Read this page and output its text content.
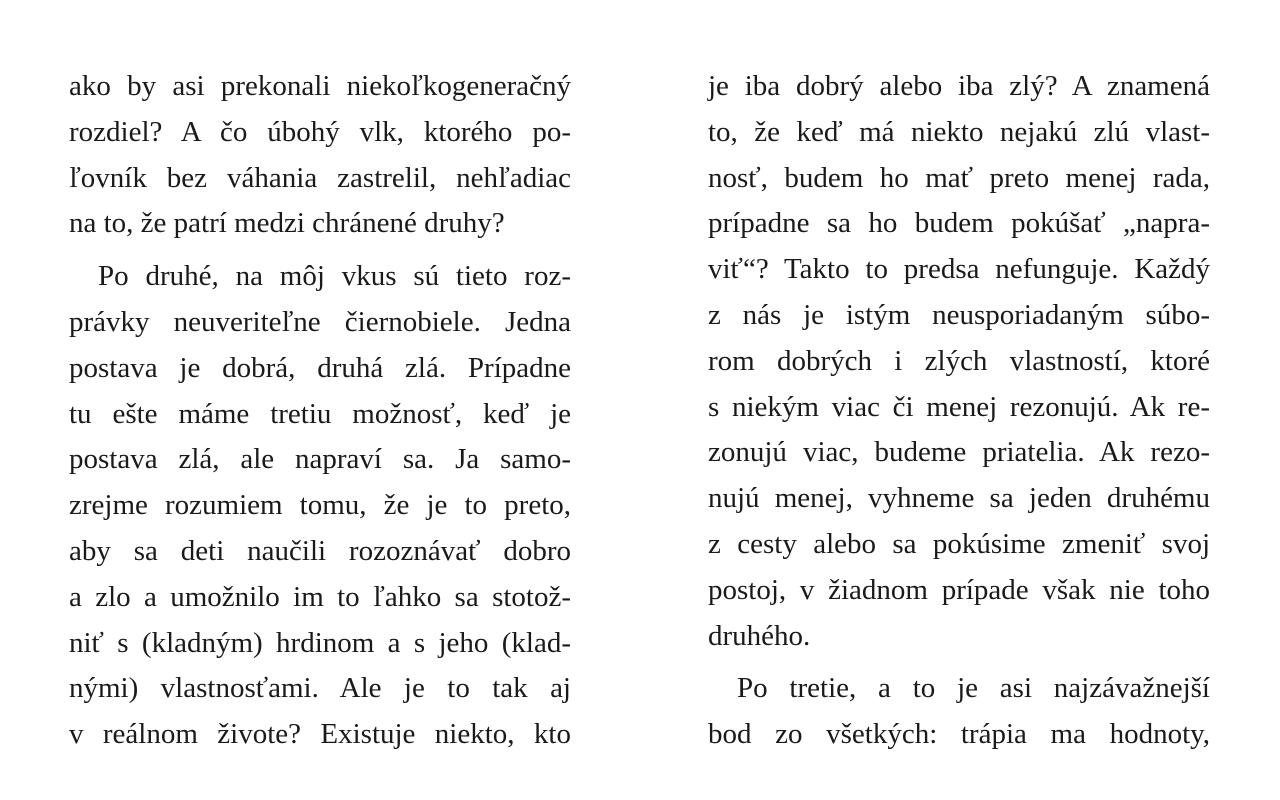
ako by asi prekonali niekoľkogeneračný
rozdiel? A čo úbohý vlk, ktorého po-
ľovník bez váhania zastrelil, nehľadiac
na to, že patrí medzi chránené druhy?
Po druhé, na môj vkus sú tieto roz-
právky neuveriteľne čiernobiele. Jedna
postava je dobrá, druhá zlá. Prípadne
tu ešte máme tretiu možnosť, keď je
postava zlá, ale napraví sa. Ja samo-
zrejme rozumiem tomu, že je to preto,
aby sa deti naučili rozoznávať dobro
a zlo a umožnilo im to ľahko sa stotož-
niť s (kladným) hrdinom a s jeho (klad-
nými) vlastnosťami. Ale je to tak aj
v reálnom živote? Existuje niekto, kto
je iba dobrý alebo iba zlý? A znamená
to, že keď má niekto nejakú zlú vlast-
nosť, budem ho mať preto menej rada,
prípadne sa ho budem pokúšať „napra-
viť“? Takto to predsa nefunguje. Každý
z nás je istým neusporiadaným súbo-
rom dobrých i zlých vlastností, ktoré
s niekým viac či menej rezonujú. Ak re-
zonujú viac, budeme priatelia. Ak rezo-
nujú menej, vyhneme sa jeden druhému
z cesty alebo sa pokúsime zmeniť svoj
postoj, v žiadnom prípade však nie toho
druhého.
Po tretie, a to je asi najzávažnejší
bod zo všetkých: trápia ma hodnoty,
